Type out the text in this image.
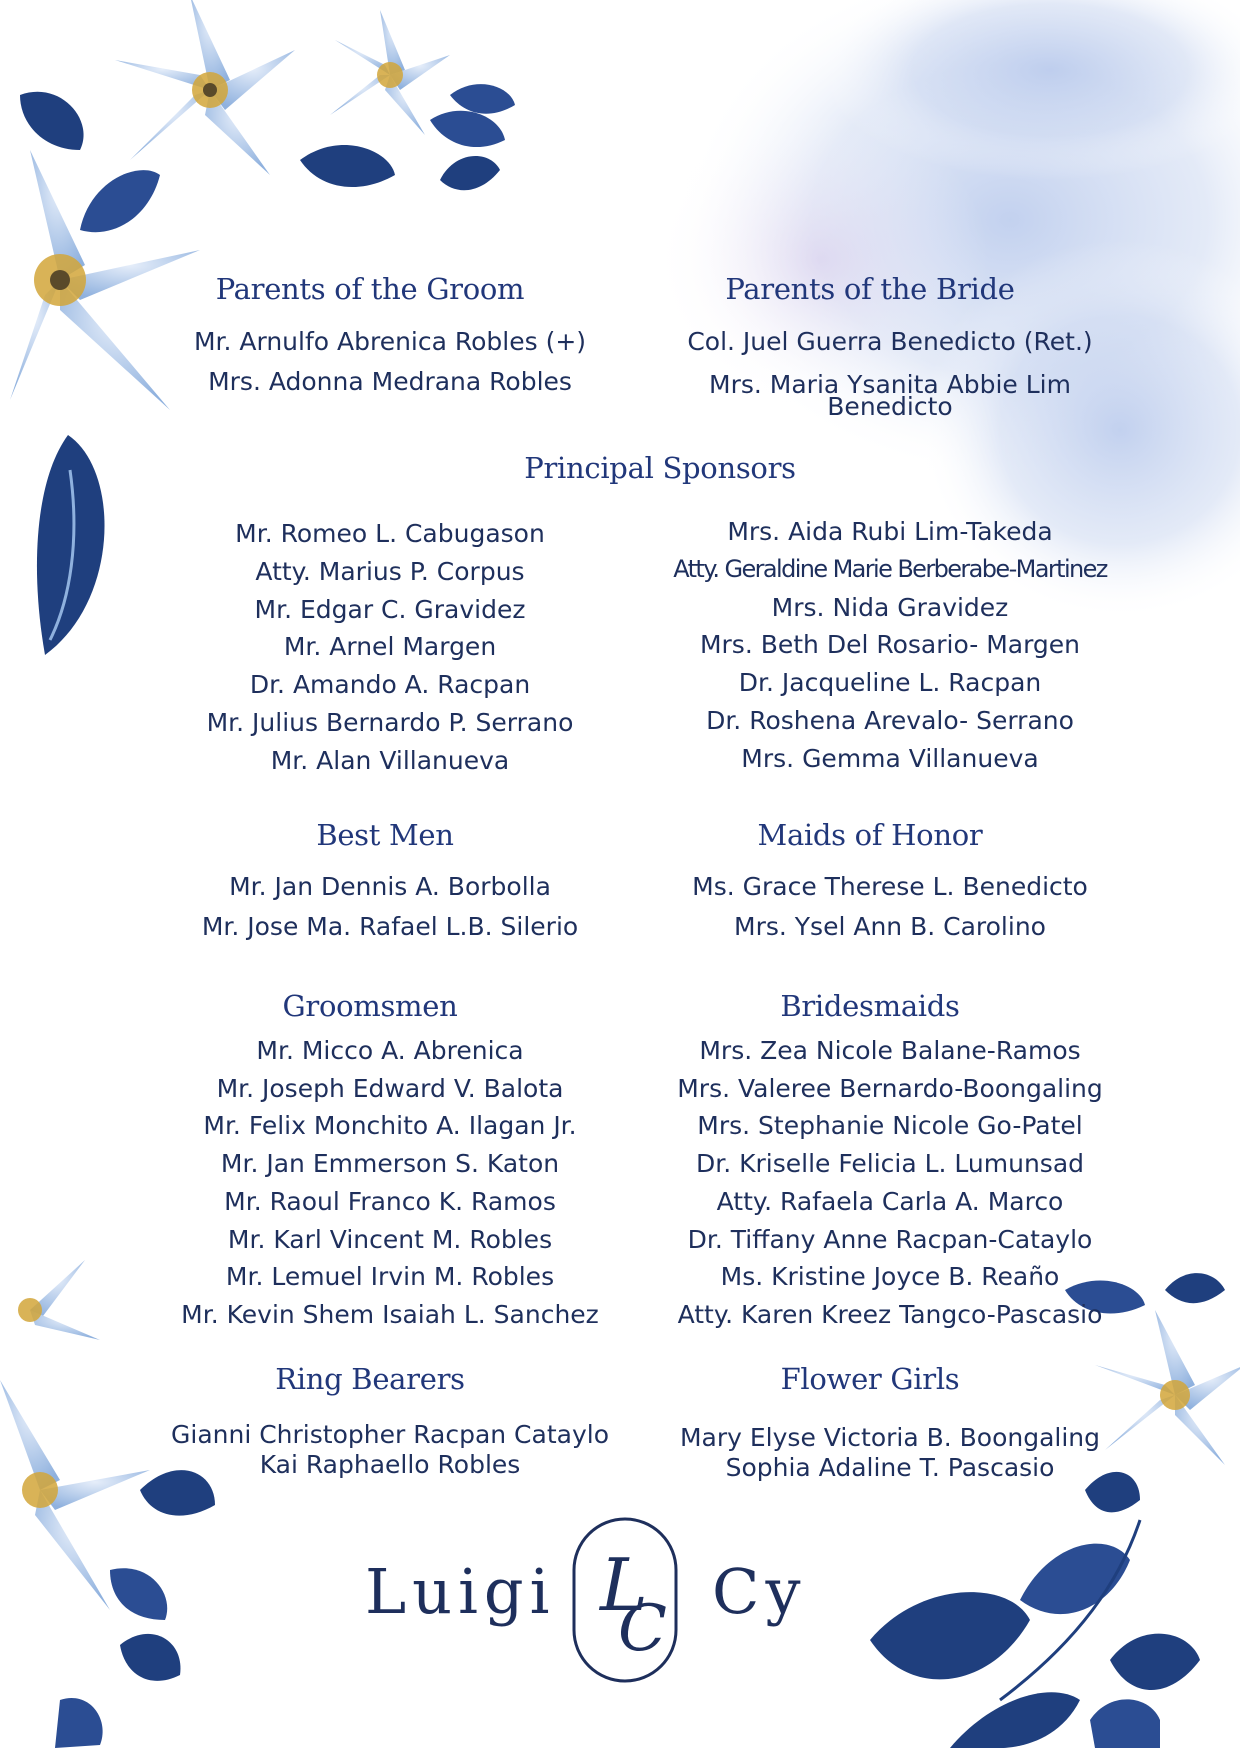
Parents of the Groom
Mr. Arnulfo Abrenica Robles (+)
Mrs. Adonna Medrana Robles
Parents of the Bride
Col. Juel Guerra Benedicto (Ret.)
Mrs. Maria Ysanita Abbie Lim
Benedicto
Principal Sponsors
Mr. Romeo L. Cabugason
Atty. Marius P. Corpus
Mr. Edgar C. Gravidez
Mr. Arnel Margen
Dr. Amando A. Racpan
Mr. Julius Bernardo P. Serrano
Mr. Alan Villanueva
Mrs. Aida Rubi Lim-Takeda
Atty. Geraldine Marie Berberabe-Martinez
Mrs. Nida Gravidez
Mrs. Beth Del Rosario- Margen
Dr. Jacqueline L. Racpan
Dr. Roshena Arevalo- Serrano
Mrs. Gemma Villanueva
Best Men
Mr. Jan Dennis A. Borbolla
Mr. Jose Ma. Rafael L.B. Silerio
Maids of Honor
Ms. Grace Therese L. Benedicto
Mrs. Ysel Ann B. Carolino
Groomsmen
Mr. Micco A. Abrenica
Mr. Joseph Edward V. Balota
Mr. Felix Monchito A. Ilagan Jr.
Mr. Jan Emmerson S. Katon
Mr. Raoul Franco K. Ramos
Mr. Karl Vincent M. Robles
Mr. Lemuel Irvin M. Robles
Mr. Kevin Shem Isaiah L. Sanchez
Bridesmaids
Mrs. Zea Nicole Balane-Ramos
Mrs. Valeree Bernardo-Boongaling
Mrs. Stephanie Nicole Go-Patel
Dr. Kriselle Felicia L. Lumunsad
Atty. Rafaela Carla A. Marco
Dr. Tiffany Anne Racpan-Cataylo
Ms. Kristine Joyce B. Reaño
Atty. Karen Kreez Tangco-Pascasio
Ring Bearers
Gianni Christopher Racpan Cataylo
Kai Raphaello Robles
Flower Girls
Mary Elyse Victoria B. Boongaling
Sophia Adaline T. Pascasio
Luigi	Cy
L
C
